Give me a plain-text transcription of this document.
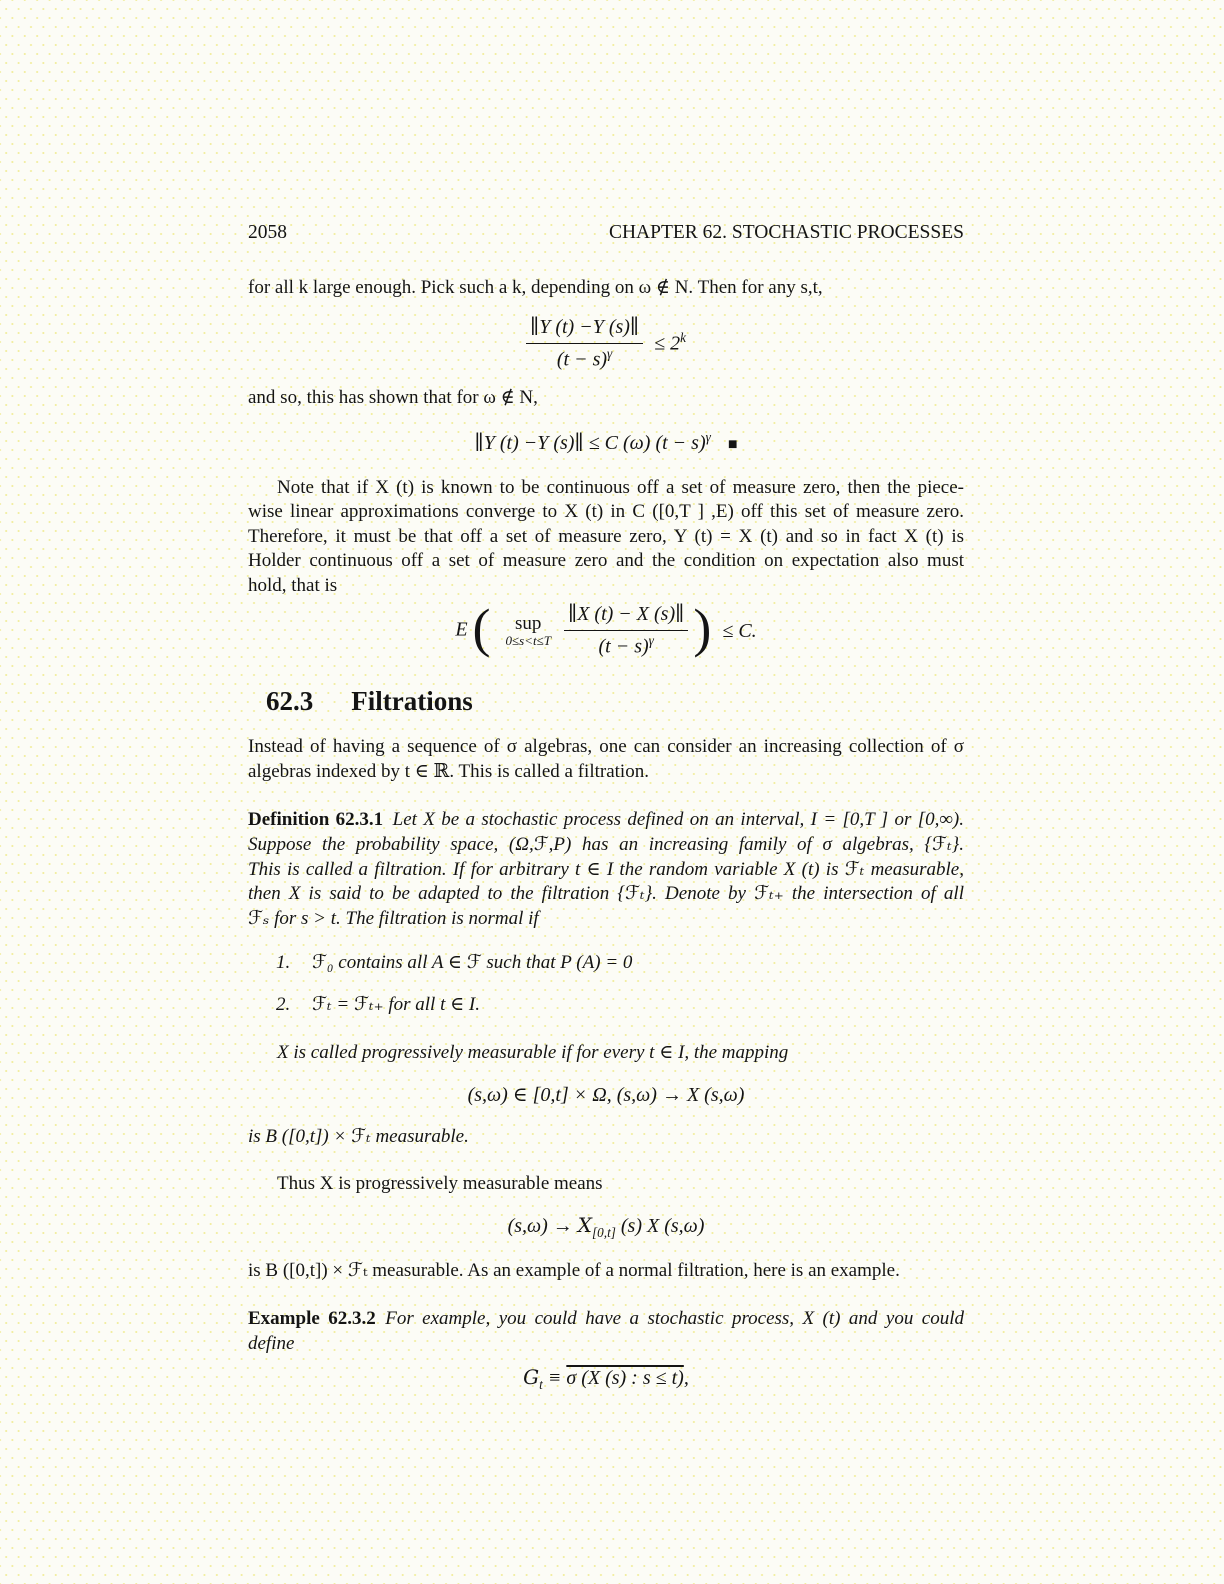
2058	CHAPTER 62. STOCHASTIC PROCESSES

for all k large enough. Pick such a k, depending on ω ∉ N. Then for any s,t,

$\frac{\parallel Y (t) -Y (s)\parallel}{(t - s)^\gamma} \le 2^k$

and so, this has shown that for ω ∉ N,

∥Y (t) −Y (s)∥ ≤ C (ω) $(t - s)^\gamma$ ■

Note that if X (t) is known to be continuous off a set of measure zero, then the piece-

wise linear approximations converge to X (t) in C ([0,T ] ,E) off this set of measure zero.

Therefore, it must be that off a set of measure zero, Y (t) = X (t) and so in fact X (t) is

Holder continuous off a set of measure zero and the condition on expectation also must

hold, that is

E (	sup
0≤s<t≤T
$\frac{\parallel X (t) - X (s)\parallel}{(t - s)^\gamma}$ ) ≤ C.
62.3 Filtrations

Instead of having a sequence of σ algebras, one can consider an increasing collection of σ

algebras indexed by t ∈ ℝ. This is called a filtration.

Definition 62.3.1  Let X be a stochastic process defined on an interval, I = [0,T ] or [0,∞).

Suppose the probability space, (Ω,ℱ,P) has an increasing family of σ algebras, {ℱₜ}.

This is called a filtration. If for arbitrary t ∈ I the random variable X (t) is ℱₜ measurable,

then X is said to be adapted to the filtration {ℱₜ}. Denote by ℱₜ₊ the intersection of all

ℱₛ for s > t. The filtration is normal if

1.	ℱ₀ contains all A ∈ ℱ such that P (A) = 0
2.	ℱₜ = ℱₜ₊ for all t ∈ I.

X is called progressively measurable if for every t ∈ I, the mapping

(s,ω) ∈ [0,t] × Ω, (s,ω) → X (s,ω)

is B ([0,t]) × ℱₜ measurable.

Thus X is progressively measurable means

$(s,\omega) \to X_{[0,t]}$ (s) X (s,ω)

is B ([0,t]) × ℱₜ measurable. As an example of a normal filtration, here is an example.

Example 62.3.2  For example, you could have a stochastic process, X (t) and you could

define

$G_t \equiv \sigma$ (X (s) : s ≤ t),
